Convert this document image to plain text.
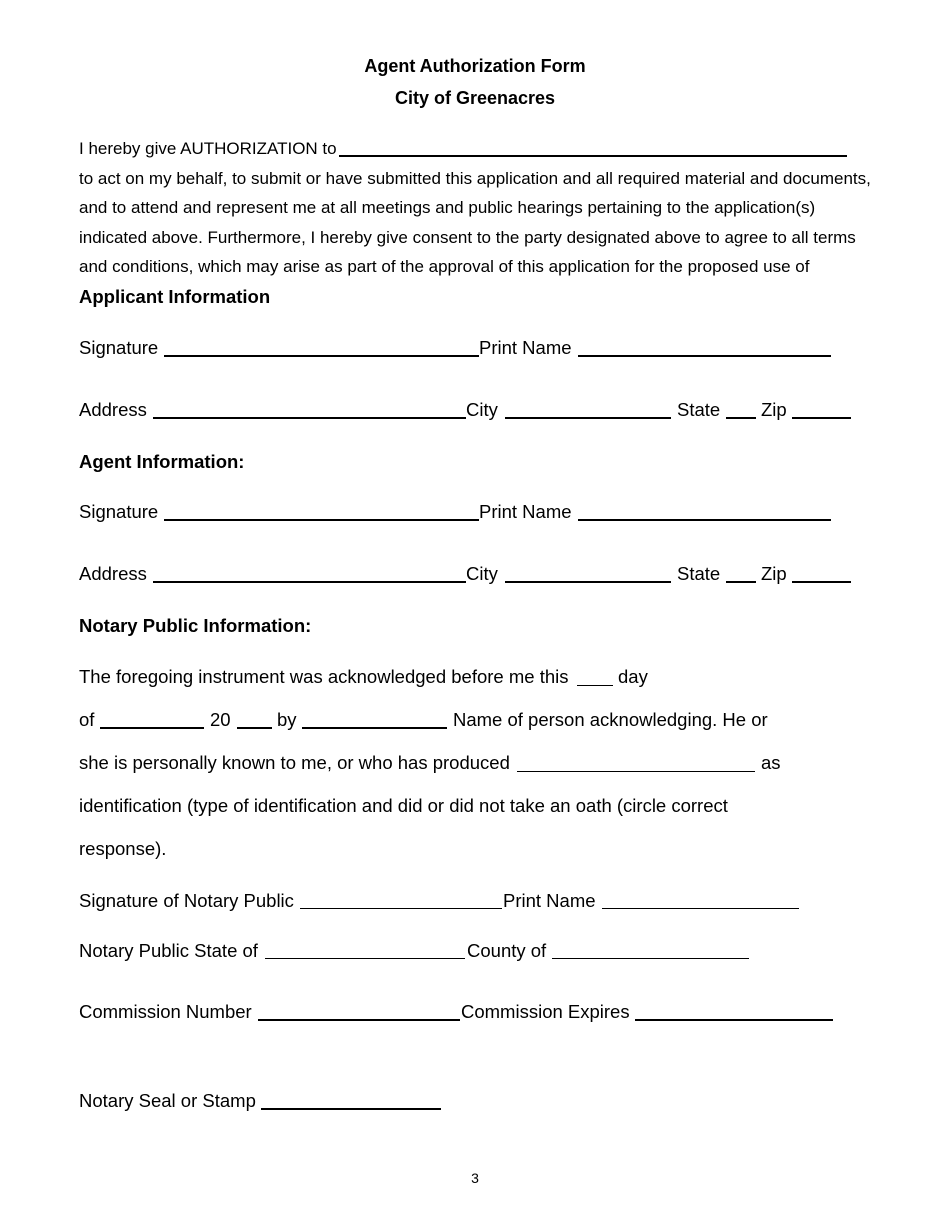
Agent Authorization Form
City of Greenacres
I hereby give AUTHORIZATION to
to act on my behalf, to submit or have submitted this application and all required material and documents,
and to attend and represent me at all meetings and public hearings pertaining to the application(s)
indicated above. Furthermore, I hereby give consent to the party designated above to agree to all terms
and conditions, which may arise as part of the approval of this application for the proposed use of
Applicant Information
Signature	Print Name
Address	City	State Zip
Agent Information:
Signature	Print Name
Address	City	State Zip
Notary Public Information:
The foregoing instrument was acknowledged before me this	day
of	20	by	Name of person acknowledging. He or
she is personally known to me, or who has produced	as
identification (type of identification and did or did not take an oath (circle correct
response).
Signature of Notary Public	Print Name
Notary Public State of	County of
Commission Number	Commission Expires
Notary Seal or Stamp
3
